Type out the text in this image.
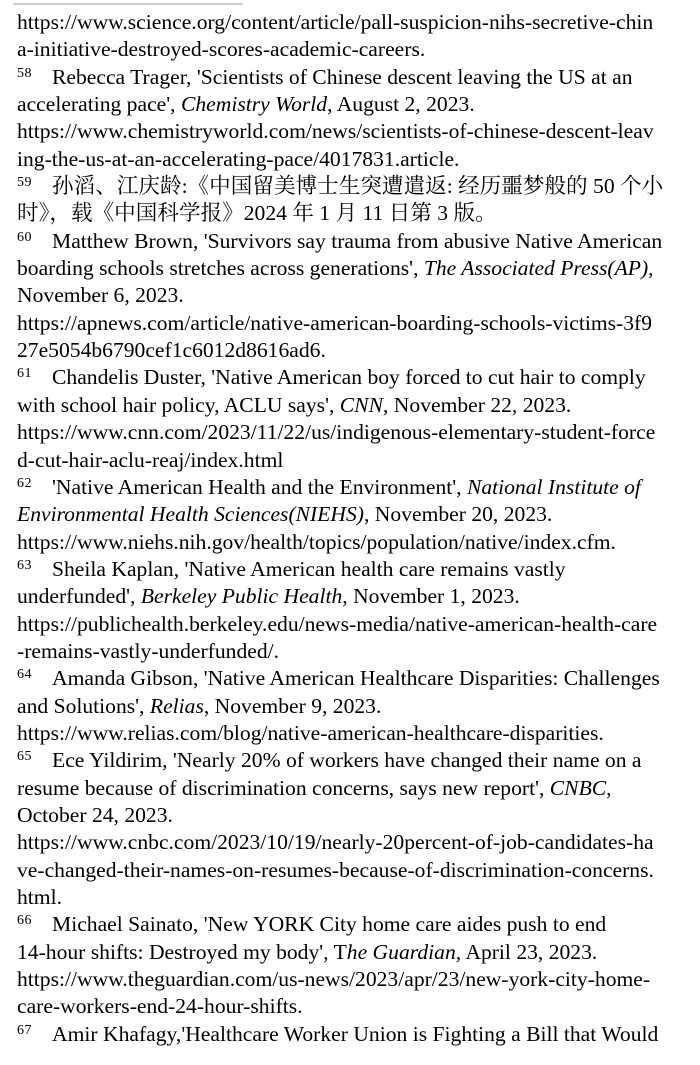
https://www.science.org/content/article/pall-suspicion-nihs-secretive-chin
a-initiative-destroyed-scores-academic-careers.
58 Rebecca Trager, 'Scientists of Chinese descent leaving the US at an
accelerating pace', Chemistry World, August 2, 2023.
https://www.chemistryworld.com/news/scientists-of-chinese-descent-leav
ing-the-us-at-an-accelerating-pace/4017831.article.
59 孙滔、江庆龄:《中国留美博士生突遭遣返: 经历噩梦般的 50 个小
时》，载《中国科学报》2024 年 1 月 11 日第 3 版。
60 Matthew Brown, 'Survivors say trauma from abusive Native American
boarding schools stretches across generations', The Associated Press(AP),
November 6, 2023.
https://apnews.com/article/native-american-boarding-schools-victims-3f9
27e5054b6790cef1c6012d8616ad6.
61 Chandelis Duster, 'Native American boy forced to cut hair to comply
with school hair policy, ACLU says', CNN, November 22, 2023.
https://www.cnn.com/2023/11/22/us/indigenous-elementary-student-force
d-cut-hair-aclu-reaj/index.html
62 'Native American Health and the Environment', National Institute of
Environmental Health Sciences(NIEHS), November 20, 2023.
https://www.niehs.nih.gov/health/topics/population/native/index.cfm.
63 Sheila Kaplan, 'Native American health care remains vastly
underfunded', Berkeley Public Health, November 1, 2023.
https://publichealth.berkeley.edu/news-media/native-american-health-care
-remains-vastly-underfunded/.
64 Amanda Gibson, 'Native American Healthcare Disparities: Challenges
and Solutions', Relias, November 9, 2023.
https://www.relias.com/blog/native-american-healthcare-disparities.
65 Ece Yildirim, 'Nearly 20% of workers have changed their name on a
resume because of discrimination concerns, says new report', CNBC,
October 24, 2023.
https://www.cnbc.com/2023/10/19/nearly-20percent-of-job-candidates-ha
ve-changed-their-names-on-resumes-because-of-discrimination-concerns.
html.
66 Michael Sainato, 'New YORK City home care aides push to end
14-hour shifts: Destroyed my body', The Guardian, April 23, 2023.
https://www.theguardian.com/us-news/2023/apr/23/new-york-city-home-
care-workers-end-24-hour-shifts.
67 Amir Khafagy,'Healthcare Worker Union is Fighting a Bill that Would
